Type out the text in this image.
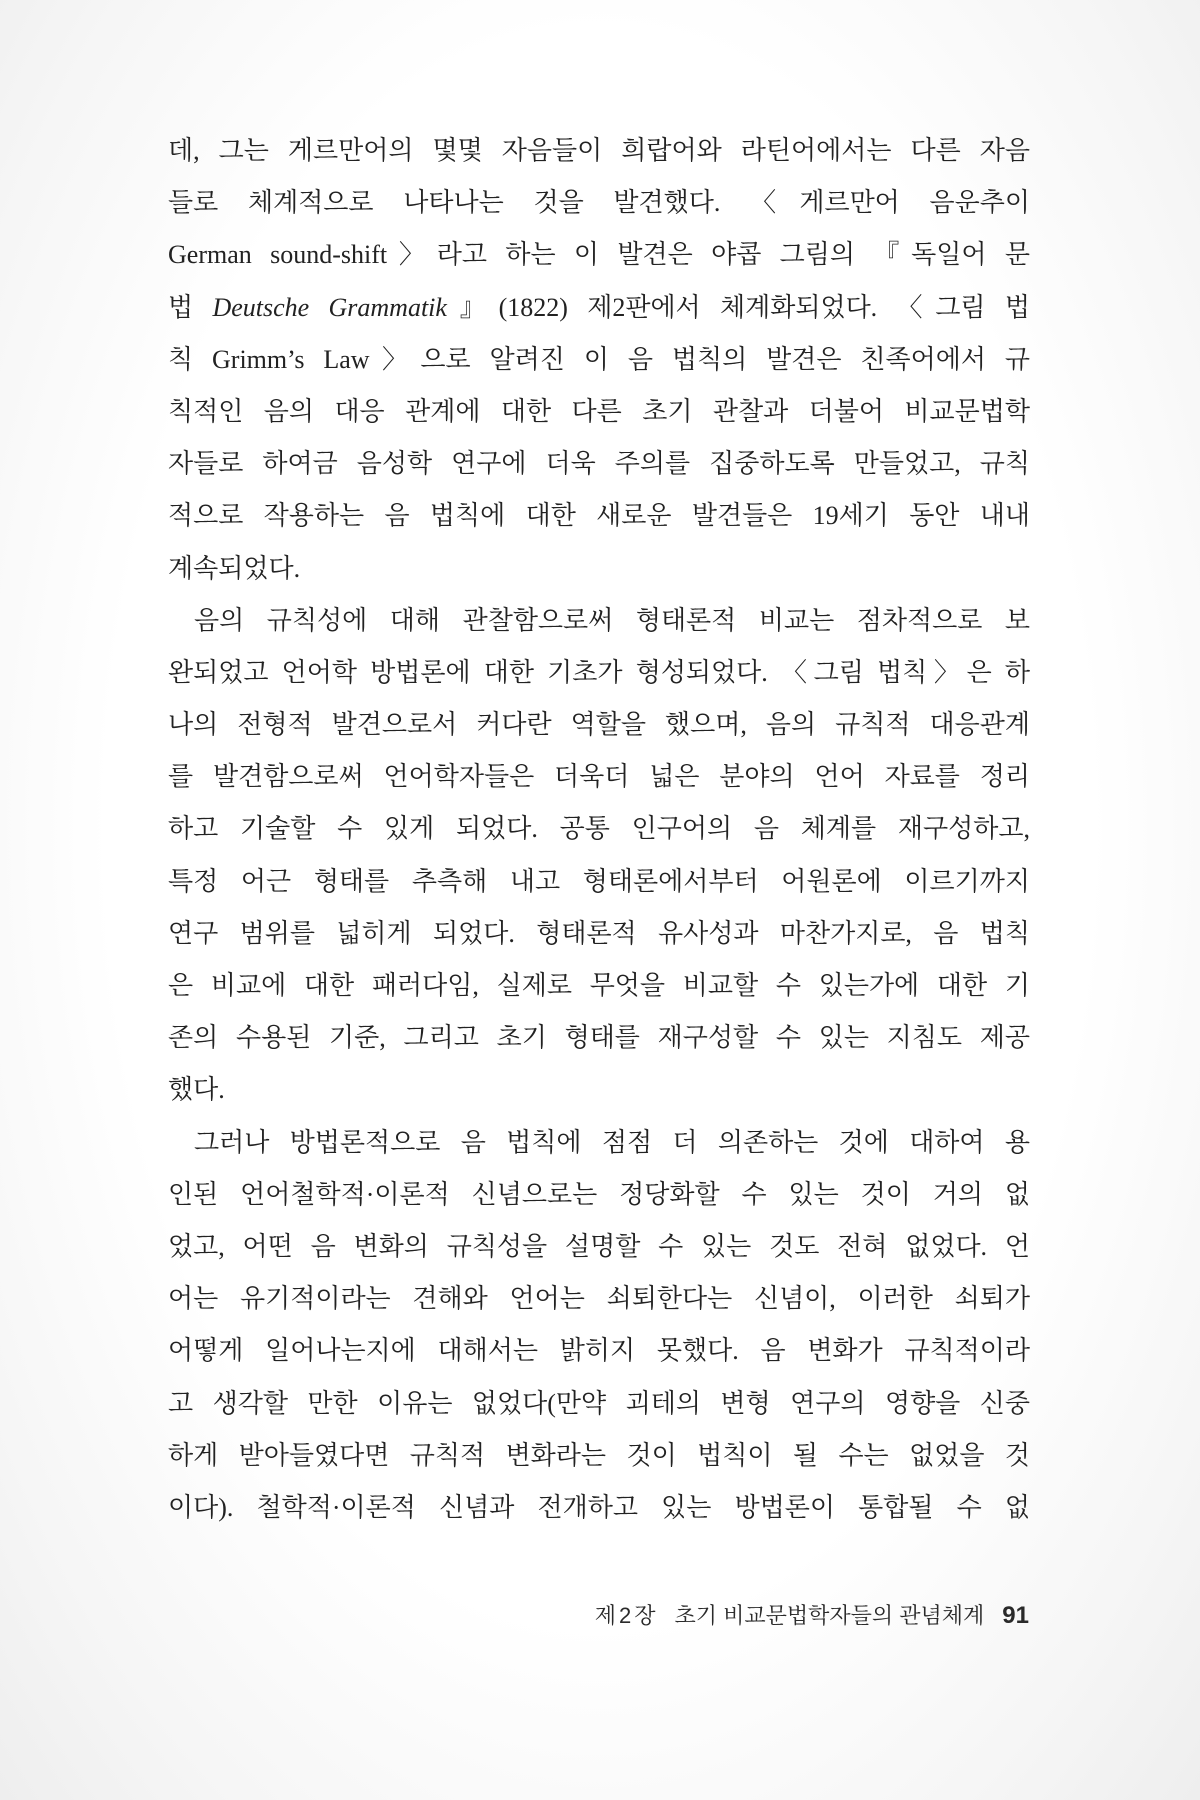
데, 그는 게르만어의 몇몇 자음들이 희랍어와 라틴어에서는 다른 자음
들로 체계적으로 나타나는 것을 발견했다. 〈게르만어 음운추이
German sound-shift〉라고 하는 이 발견은 야콥 그림의 『독일어 문
법 Deutsche Grammatik』(1822) 제2판에서 체계화되었다. 〈그림 법
칙 Grimm’s Law〉으로 알려진 이 음 법칙의 발견은 친족어에서 규
칙적인 음의 대응 관계에 대한 다른 초기 관찰과 더불어 비교문법학
자들로 하여금 음성학 연구에 더욱 주의를 집중하도록 만들었고, 규칙
적으로 작용하는 음 법칙에 대한 새로운 발견들은 19세기 동안 내내
계속되었다.
음의 규칙성에 대해 관찰함으로써 형태론적 비교는 점차적으로 보
완되었고 언어학 방법론에 대한 기초가 형성되었다. 〈그림 법칙〉은 하
나의 전형적 발견으로서 커다란 역할을 했으며, 음의 규칙적 대응관계
를 발견함으로써 언어학자들은 더욱더 넓은 분야의 언어 자료를 정리
하고 기술할 수 있게 되었다. 공통 인구어의 음 체계를 재구성하고,
특정 어근 형태를 추측해 내고 형태론에서부터 어원론에 이르기까지
연구 범위를 넓히게 되었다. 형태론적 유사성과 마찬가지로, 음 법칙
은 비교에 대한 패러다임, 실제로 무엇을 비교할 수 있는가에 대한 기
존의 수용된 기준, 그리고 초기 형태를 재구성할 수 있는 지침도 제공
했다.
그러나 방법론적으로 음 법칙에 점점 더 의존하는 것에 대하여 용
인된 언어철학적·이론적 신념으로는 정당화할 수 있는 것이 거의 없
었고, 어떤 음 변화의 규칙성을 설명할 수 있는 것도 전혀 없었다. 언
어는 유기적이라는 견해와 언어는 쇠퇴한다는 신념이, 이러한 쇠퇴가
어떻게 일어나는지에 대해서는 밝히지 못했다. 음 변화가 규칙적이라
고 생각할 만한 이유는 없었다(만약 괴테의 변형 연구의 영향을 신중
하게 받아들였다면 규칙적 변화라는 것이 법칙이 될 수는 없었을 것
이다). 철학적·이론적 신념과 전개하고 있는 방법론이 통합될 수 없
제2장 초기 비교문법학자들의 관념체계 91
